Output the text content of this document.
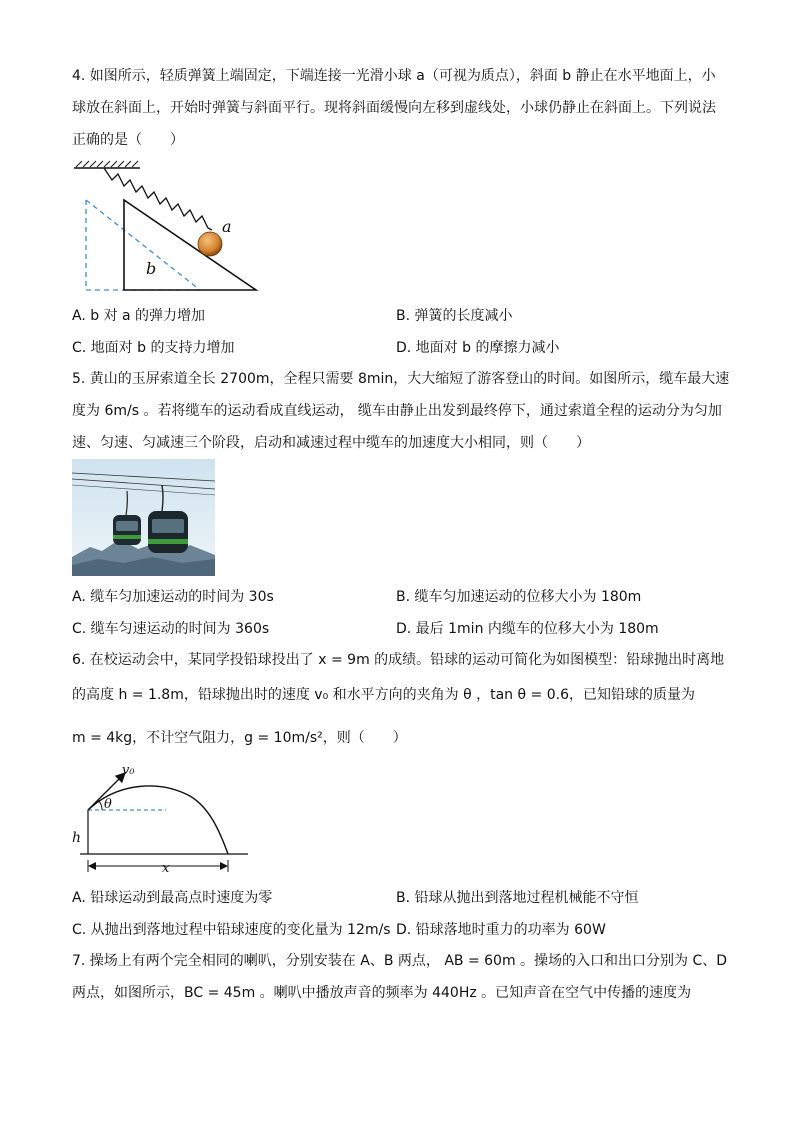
4. 如图所示，轻质弹簧上端固定，下端连接一光滑小球 a（可视为质点），斜面 b 静止在水平地面上，小
球放在斜面上，开始时弹簧与斜面平行。现将斜面缓慢向左移到虚线处，小球仍静止在斜面上。下列说法
正确的是（　　）
a
b
A. b 对 a 的弹力增加	B. 弹簧的长度减小
C. 地面对 b 的支持力增加	D. 地面对 b 的摩擦力减小
5. 黄山的玉屏索道全长 2700m，全程只需要 8min，大大缩短了游客登山的时间。如图所示，缆车最大速
度为 6m/s 。若将缆车的运动看成直线运动， 缆车由静止出发到最终停下，通过索道全程的运动分为匀加
速、匀速、匀减速三个阶段，启动和减速过程中缆车的加速度大小相同，则（　　）
A. 缆车匀加速运动的时间为 30s	B. 缆车匀加速运动的位移大小为 180m
C. 缆车匀速运动的时间为 360s	D. 最后 1min 内缆车的位移大小为 180m
6. 在校运动会中，某同学投铅球投出了 x = 9m 的成绩。铅球的运动可简化为如图模型：铅球抛出时离地
的高度 h = 1.8m，铅球抛出时的速度 v₀ 和水平方向的夹角为 θ ，tan θ = 0.6，已知铅球的质量为
m = 4kg，不计空气阻力，g = 10m/s²，则（　　）
v₀
θ
h
x
A. 铅球运动到最高点时速度为零	B. 铅球从抛出到落地过程机械能不守恒
C. 从抛出到落地过程中铅球速度的变化量为 12m/s D. 铅球落地时重力的功率为 60W
7. 操场上有两个完全相同的喇叭，分别安装在 A、B 两点， AB = 60m 。操场的入口和出口分别为 C、D
两点，如图所示，BC = 45m 。喇叭中播放声音的频率为 440Hz 。已知声音在空气中传播的速度为
